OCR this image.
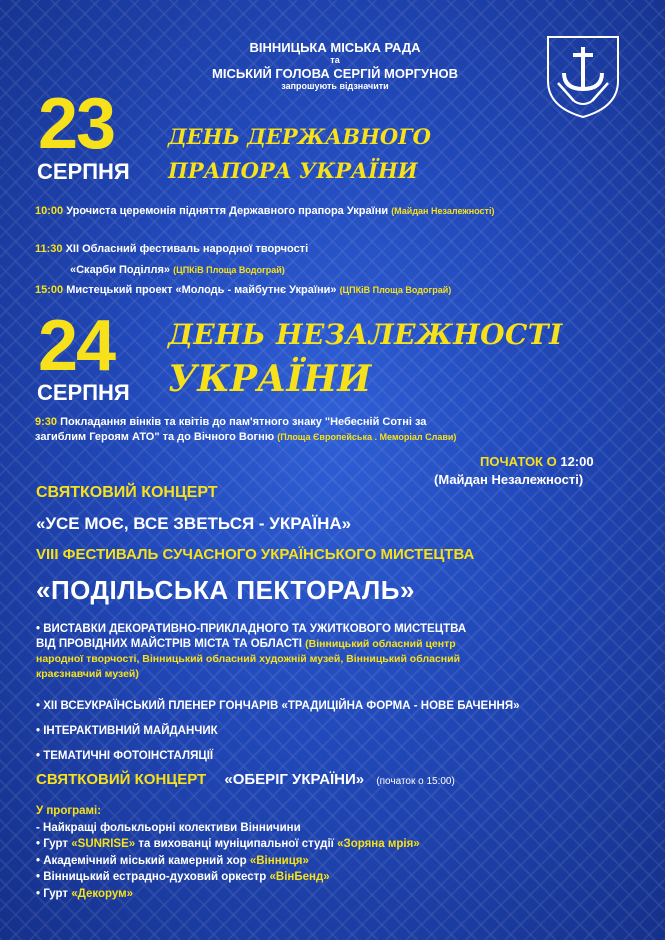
ВІННИЦЬКА МІСЬКА РАДА
та
МІСЬКИЙ ГОЛОВА СЕРГІЙ МОРГУНОВ
запрошують відзначити
23
СЕРПНЯ
ДЕНЬ ДЕРЖАВНОГО
ПРАПОРА УКРАЇНИ
10:00 Урочиста церемонія підняття Державного прапора України (Майдан Незалежності)
11:30 XII Обласний фестиваль народної творчості
«Скарби Поділля» (ЦПКіВ Площа Водограй)
15:00 Мистецький проект «Молодь - майбутнє України» (ЦПКіВ Площа Водограй)
24
СЕРПНЯ
ДЕНЬ НЕЗАЛЕЖНОСТІ
УКРАЇНИ
9:30 Покладання вінків та квітів до пам'ятного знаку "Небесній Сотні за
загиблим Героям АТО" та до Вічного Вогню (Площа Європейська . Меморіал Слави)
ПОЧАТОК О 12:00
(Майдан Незалежності)
СВЯТКОВИЙ КОНЦЕРТ
«УСЕ МОЄ, ВСЕ ЗВЕТЬСЯ - УКРАЇНА»
VIII ФЕСТИВАЛЬ СУЧАСНОГО УКРАЇНСЬКОГО МИСТЕЦТВА
«ПОДІЛЬСЬКА ПЕКТОРАЛЬ»
• ВИСТАВКИ ДЕКОРАТИВНО-ПРИКЛАДНОГО ТА УЖИТКОВОГО МИСТЕЦТВА
ВІД ПРОВІДНИХ МАЙСТРІВ МІСТА ТА ОБЛАСТІ (Вінницький обласний центр
народної творчості, Вінницький обласний художній музей, Вінницький обласний
краєзнавчий музей)
• XII ВСЕУКРАЇНСЬКИЙ ПЛЕНЕР ГОНЧАРІВ «ТРАДИЦІЙНА ФОРМА - НОВЕ БАЧЕННЯ»
• ІНТЕРАКТИВНИЙ МАЙДАНЧИК
• ТЕМАТИЧНІ ФОТОІНСТАЛЯЦІЇ
СВЯТКОВИЙ КОНЦЕРТ «ОБЕРІГ УКРАЇНИ» (початок о 15:00)
У програмі:
- Найкращі фолькльорні колективи Вінничини
• Гурт «SUNRISE» та вихованці муніципальної студії «Зоряна мрія»
• Академічний міський камерний хор «Вінниця»
• Вінницький естрадно-духовий оркестр «ВінБенд»
• Гурт «Декорум»
